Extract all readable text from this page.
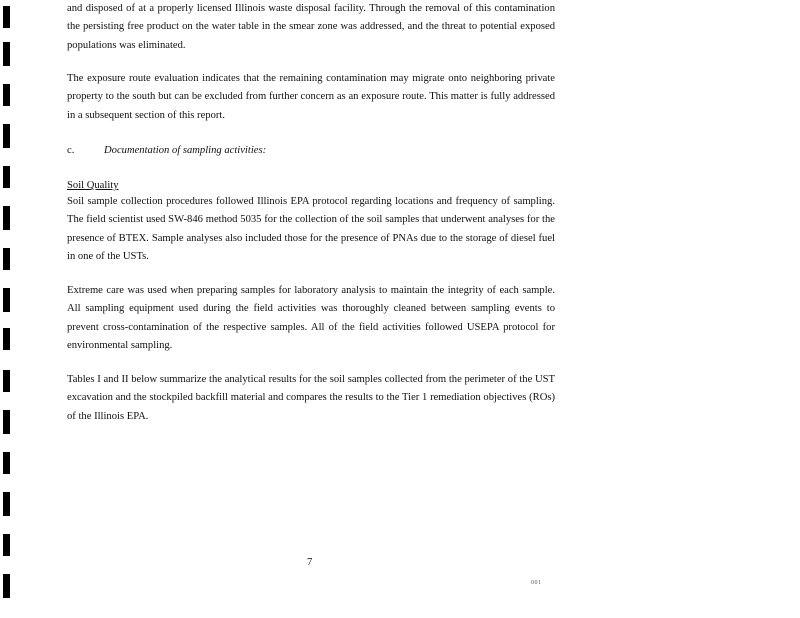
and disposed of at a properly licensed Illinois waste disposal facility. Through the removal of this contamination the persisting free product on the water table in the smear zone was addressed, and the threat to potential exposed populations was eliminated.

The exposure route evaluation indicates that the remaining contamination may migrate onto neighboring private property to the south but can be excluded from further concern as an exposure route. This matter is fully addressed in a subsequent section of this report.

c.	Documentation of sampling activities:
Soil Quality

Soil sample collection procedures followed Illinois EPA protocol regarding locations and frequency of sampling. The field scientist used SW-846 method 5035 for the collection of the soil samples that underwent analyses for the presence of BTEX. Sample analyses also included those for the presence of PNAs due to the storage of diesel fuel in one of the USTs.

Extreme care was used when preparing samples for laboratory analysis to maintain the integrity of each sample. All sampling equipment used during the field activities was thoroughly cleaned between sampling events to prevent cross-contamination of the respective samples. All of the field activities followed USEPA protocol for environmental sampling.

Tables I and II below summarize the analytical results for the soil samples collected from the perimeter of the UST excavation and the stockpiled backfill material and compares the results to the Tier 1 remediation objectives (ROs) of the Illinois EPA.

7
001
